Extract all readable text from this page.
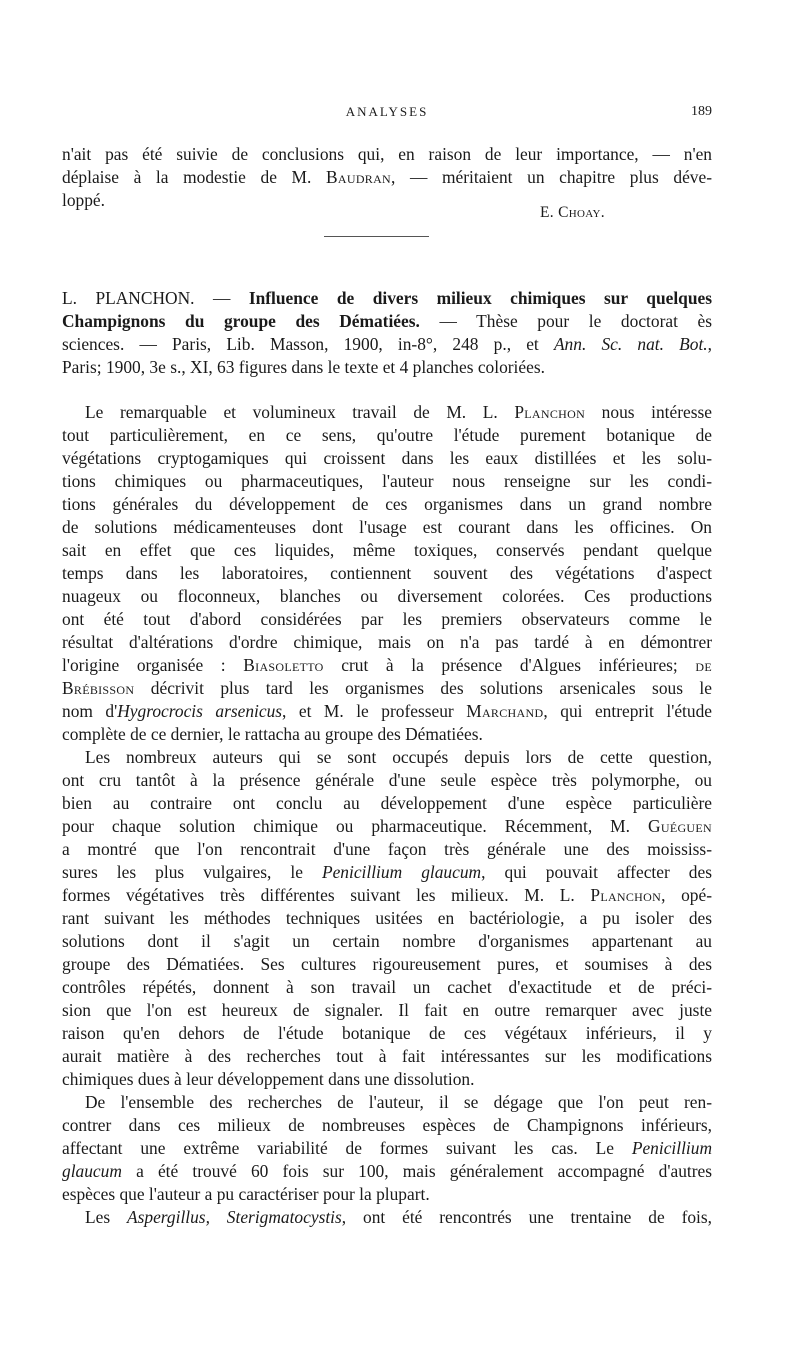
ANALYSES	189

n'ait pas été suivie de conclusions qui, en raison de leur importance, — n'en

déplaise à la modestie de M. Baudran, — méritaient un chapitre plus déve-

loppé.

E. Choay.

L. PLANCHON. — Influence de divers milieux chimiques sur quelques

Champignons du groupe des Dématiées. — Thèse pour le doctorat ès

sciences. — Paris, Lib. Masson, 1900, in-8°, 248 p., et Ann. Sc. nat. Bot.,

Paris; 1900, 3e s., XI, 63 figures dans le texte et 4 planches coloriées.

Le remarquable et volumineux travail de M. L. Planchon nous intéresse

tout particulièrement, en ce sens, qu'outre l'étude purement botanique de

végétations cryptogamiques qui croissent dans les eaux distillées et les solu-

tions chimiques ou pharmaceutiques, l'auteur nous renseigne sur les condi-

tions générales du développement de ces organismes dans un grand nombre

de solutions médicamenteuses dont l'usage est courant dans les officines. On

sait en effet que ces liquides, même toxiques, conservés pendant quelque

temps dans les laboratoires, contiennent souvent des végétations d'aspect

nuageux ou floconneux, blanches ou diversement colorées. Ces productions

ont été tout d'abord considérées par les premiers observateurs comme le

résultat d'altérations d'ordre chimique, mais on n'a pas tardé à en démontrer

l'origine organisée : Biasoletto crut à la présence d'Algues inférieures; de

Brébisson décrivit plus tard les organismes des solutions arsenicales sous le

nom d'Hygrocrocis arsenicus, et M. le professeur Marchand, qui entreprit l'étude

complète de ce dernier, le rattacha au groupe des Dématiées.

Les nombreux auteurs qui se sont occupés depuis lors de cette question,

ont cru tantôt à la présence générale d'une seule espèce très polymorphe, ou

bien au contraire ont conclu au développement d'une espèce particulière

pour chaque solution chimique ou pharmaceutique. Récemment, M. Guéguen

a montré que l'on rencontrait d'une façon très générale une des moississ-

sures les plus vulgaires, le Penicillium glaucum, qui pouvait affecter des

formes végétatives très différentes suivant les milieux. M. L. Planchon, opé-

rant suivant les méthodes techniques usitées en bactériologie, a pu isoler des

solutions dont il s'agit un certain nombre d'organismes appartenant au

groupe des Dématiées. Ses cultures rigoureusement pures, et soumises à des

contrôles répétés, donnent à son travail un cachet d'exactitude et de préci-

sion que l'on est heureux de signaler. Il fait en outre remarquer avec juste

raison qu'en dehors de l'étude botanique de ces végétaux inférieurs, il y

aurait matière à des recherches tout à fait intéressantes sur les modifications

chimiques dues à leur développement dans une dissolution.

De l'ensemble des recherches de l'auteur, il se dégage que l'on peut ren-

contrer dans ces milieux de nombreuses espèces de Champignons inférieurs,

affectant une extrême variabilité de formes suivant les cas. Le Penicillium

glaucum a été trouvé 60 fois sur 100, mais généralement accompagné d'autres

espèces que l'auteur a pu caractériser pour la plupart.

Les Aspergillus, Sterigmatocystis, ont été rencontrés une trentaine de fois,
